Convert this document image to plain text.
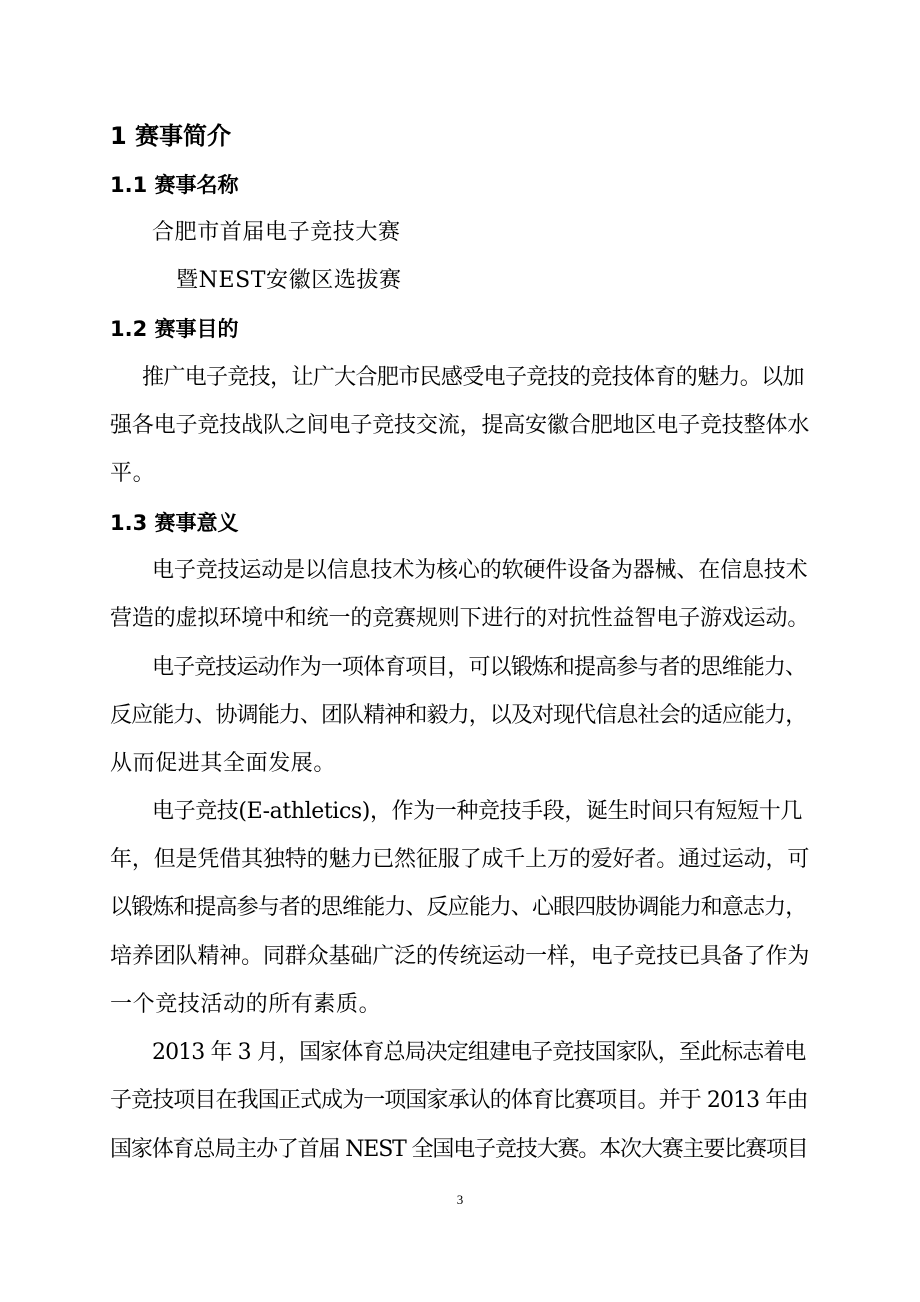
1 赛事简介
1.1 赛事名称
合肥市首届电子竞技大赛
暨NEST安徽区选拔赛
1.2 赛事目的
推广电子竞技，让广大合肥市民感受电子竞技的竞技体育的魅力。以加
强各电子竞技战队之间电子竞技交流，提高安徽合肥地区电子竞技整体水
平。
1.3 赛事意义
电子竞技运动是以信息技术为核心的软硬件设备为器械、在信息技术
营造的虚拟环境中和统一的竞赛规则下进行的对抗性益智电子游戏运动。
电子竞技运动作为一项体育项目，可以锻炼和提高参与者的思维能力、
反应能力、协调能力、团队精神和毅力，以及对现代信息社会的适应能力，
从而促进其全面发展。
电子竞技(E-athletics)，作为一种竞技手段，诞生时间只有短短十几
年，但是凭借其独特的魅力已然征服了成千上万的爱好者。通过运动，可
以锻炼和提高参与者的思维能力、反应能力、心眼四肢协调能力和意志力，
培养团队精神。同群众基础广泛的传统运动一样，电子竞技已具备了作为
一个竞技活动的所有素质。
2013 年 3 月，国家体育总局决定组建电子竞技国家队，至此标志着电
子竞技项目在我国正式成为一项国家承认的体育比赛项目。并于 2013 年由
国家体育总局主办了首届 NEST 全国电子竞技大赛。本次大赛主要比赛项目
3
